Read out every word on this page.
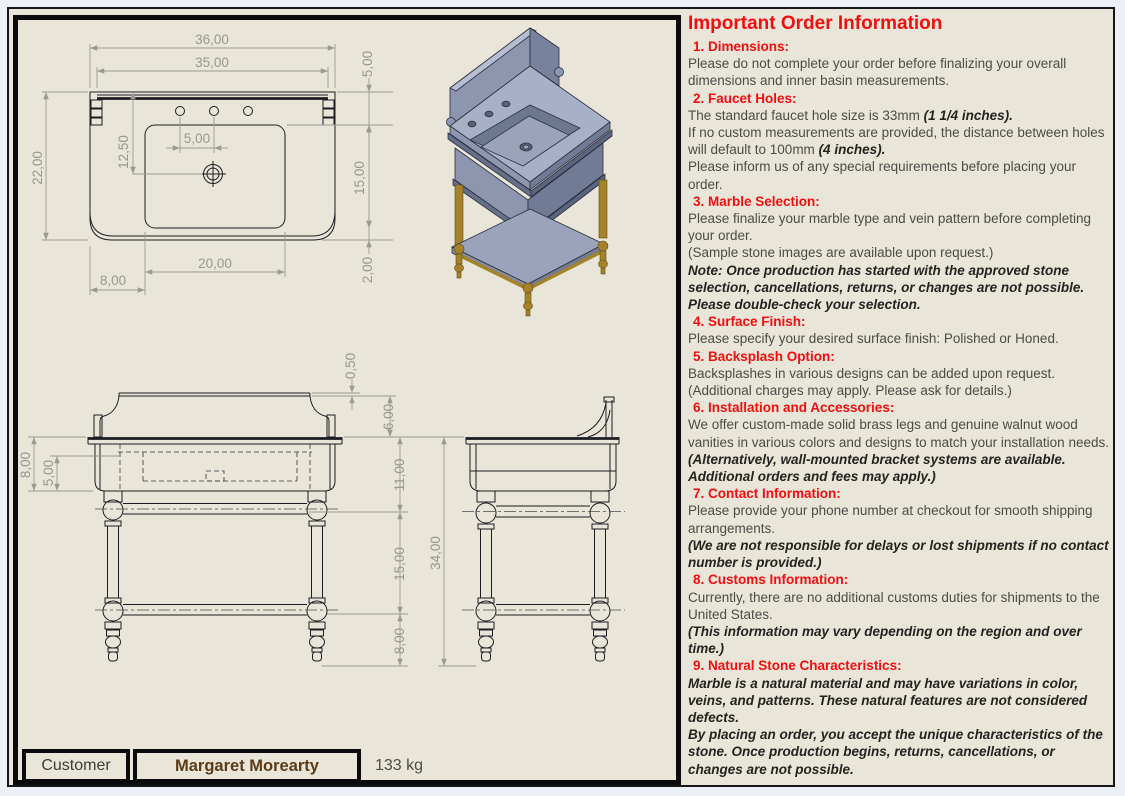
36,00
35,00
22,00	12,50	5,00
5,00
15,00
2,00
20,00
8,00
0,50
6,00
11,00
15,00
8,00
8,00 5,00
34,00
Important Order Information
1. Dimensions:
Please do not complete your order before finalizing your overall dimensions and inner basin measurements.
2. Faucet Holes:
The standard faucet hole size is 33mm (1 1/4 inches).
If no custom measurements are provided, the distance between holes will default to 100mm (4 inches).
Please inform us of any special requirements before placing your order.
3. Marble Selection:
Please finalize your marble type and vein pattern before completing your order.
(Sample stone images are available upon request.)
Note: Once production has started with the approved stone selection, cancellations, returns, or changes are not possible. Please double-check your selection.
4. Surface Finish:
Please specify your desired surface finish: Polished or Honed.
5. Backsplash Option:
Backsplashes in various designs can be added upon request.
(Additional charges may apply. Please ask for details.)
6. Installation and Accessories:
We offer custom-made solid brass legs and genuine walnut wood vanities in various colors and designs to match your installation needs.
(Alternatively, wall-mounted bracket systems are available. Additional orders and fees may apply.)
7. Contact Information:
Please provide your phone number at checkout for smooth shipping arrangements.
(We are not responsible for delays or lost shipments if no contact number is provided.)
8. Customs Information:
Currently, there are no additional customs duties for shipments to the United States.
(This information may vary depending on the region and over time.)
9. Natural Stone Characteristics:
Marble is a natural material and may have variations in color, veins, and patterns. These natural features are not considered defects.
By placing an order, you accept the unique characteristics of the stone. Once production begins, returns, cancellations, or changes are not possible.
Customer	Margaret Morearty	133 kg
